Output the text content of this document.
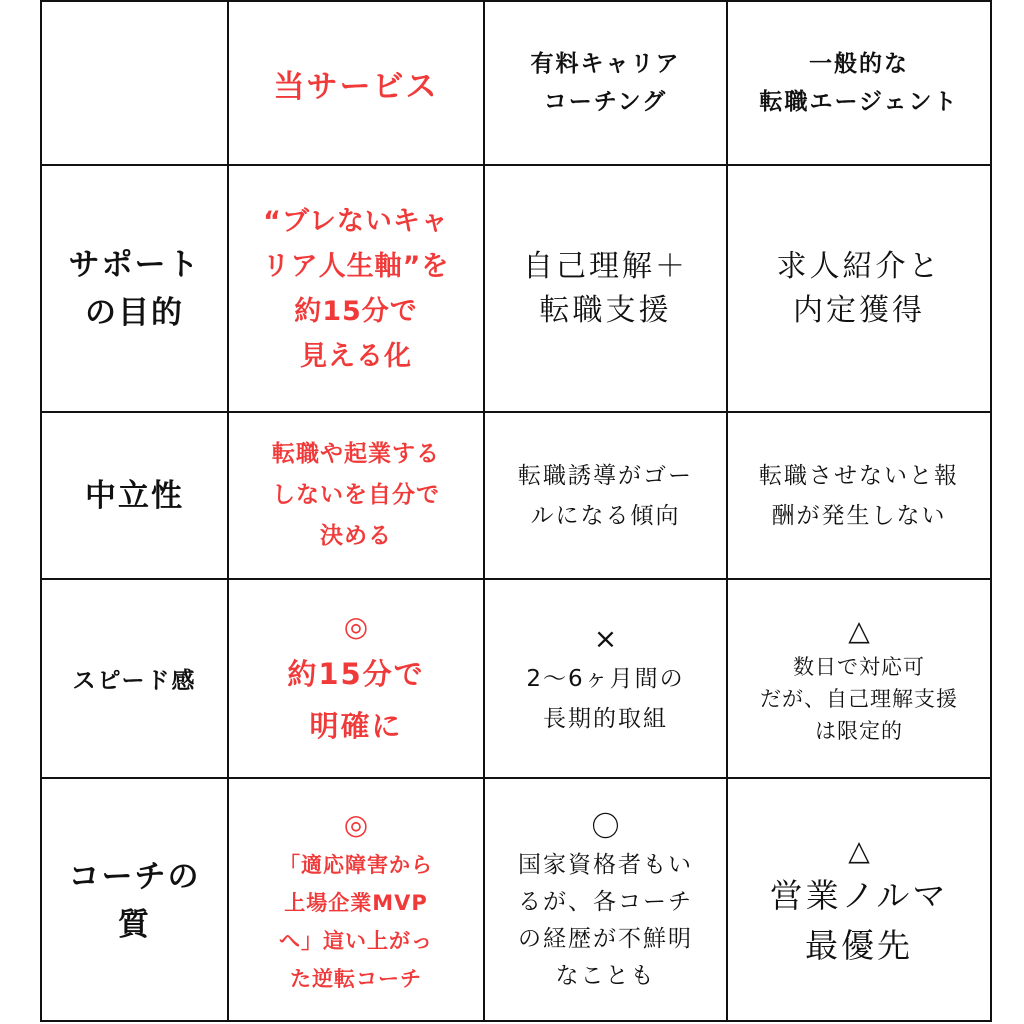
当サービス
有料キャリア
コーチング
一般的な
転職エージェント
サポート
の目的
“ブレないキャ
リア人生軸”を
約15分で
見える化
自己理解＋
転職支援
求人紹介と
内定獲得
中立性
転職や起業する
しないを自分で
決める
転職誘導がゴー
ルになる傾向
転職させないと報
酬が発生しない
スピード感
◎
約15分で
明確に
×
2〜6ヶ月間の
長期的取組
△
数日で対応可
だが、自己理解支援
は限定的
コーチの
質
◎
「適応障害から
上場企業MVP
へ」這い上がっ
た逆転コーチ
〇
国家資格者もい
るが、各コーチ
の経歴が不鮮明
なことも
△
営業ノルマ
最優先
